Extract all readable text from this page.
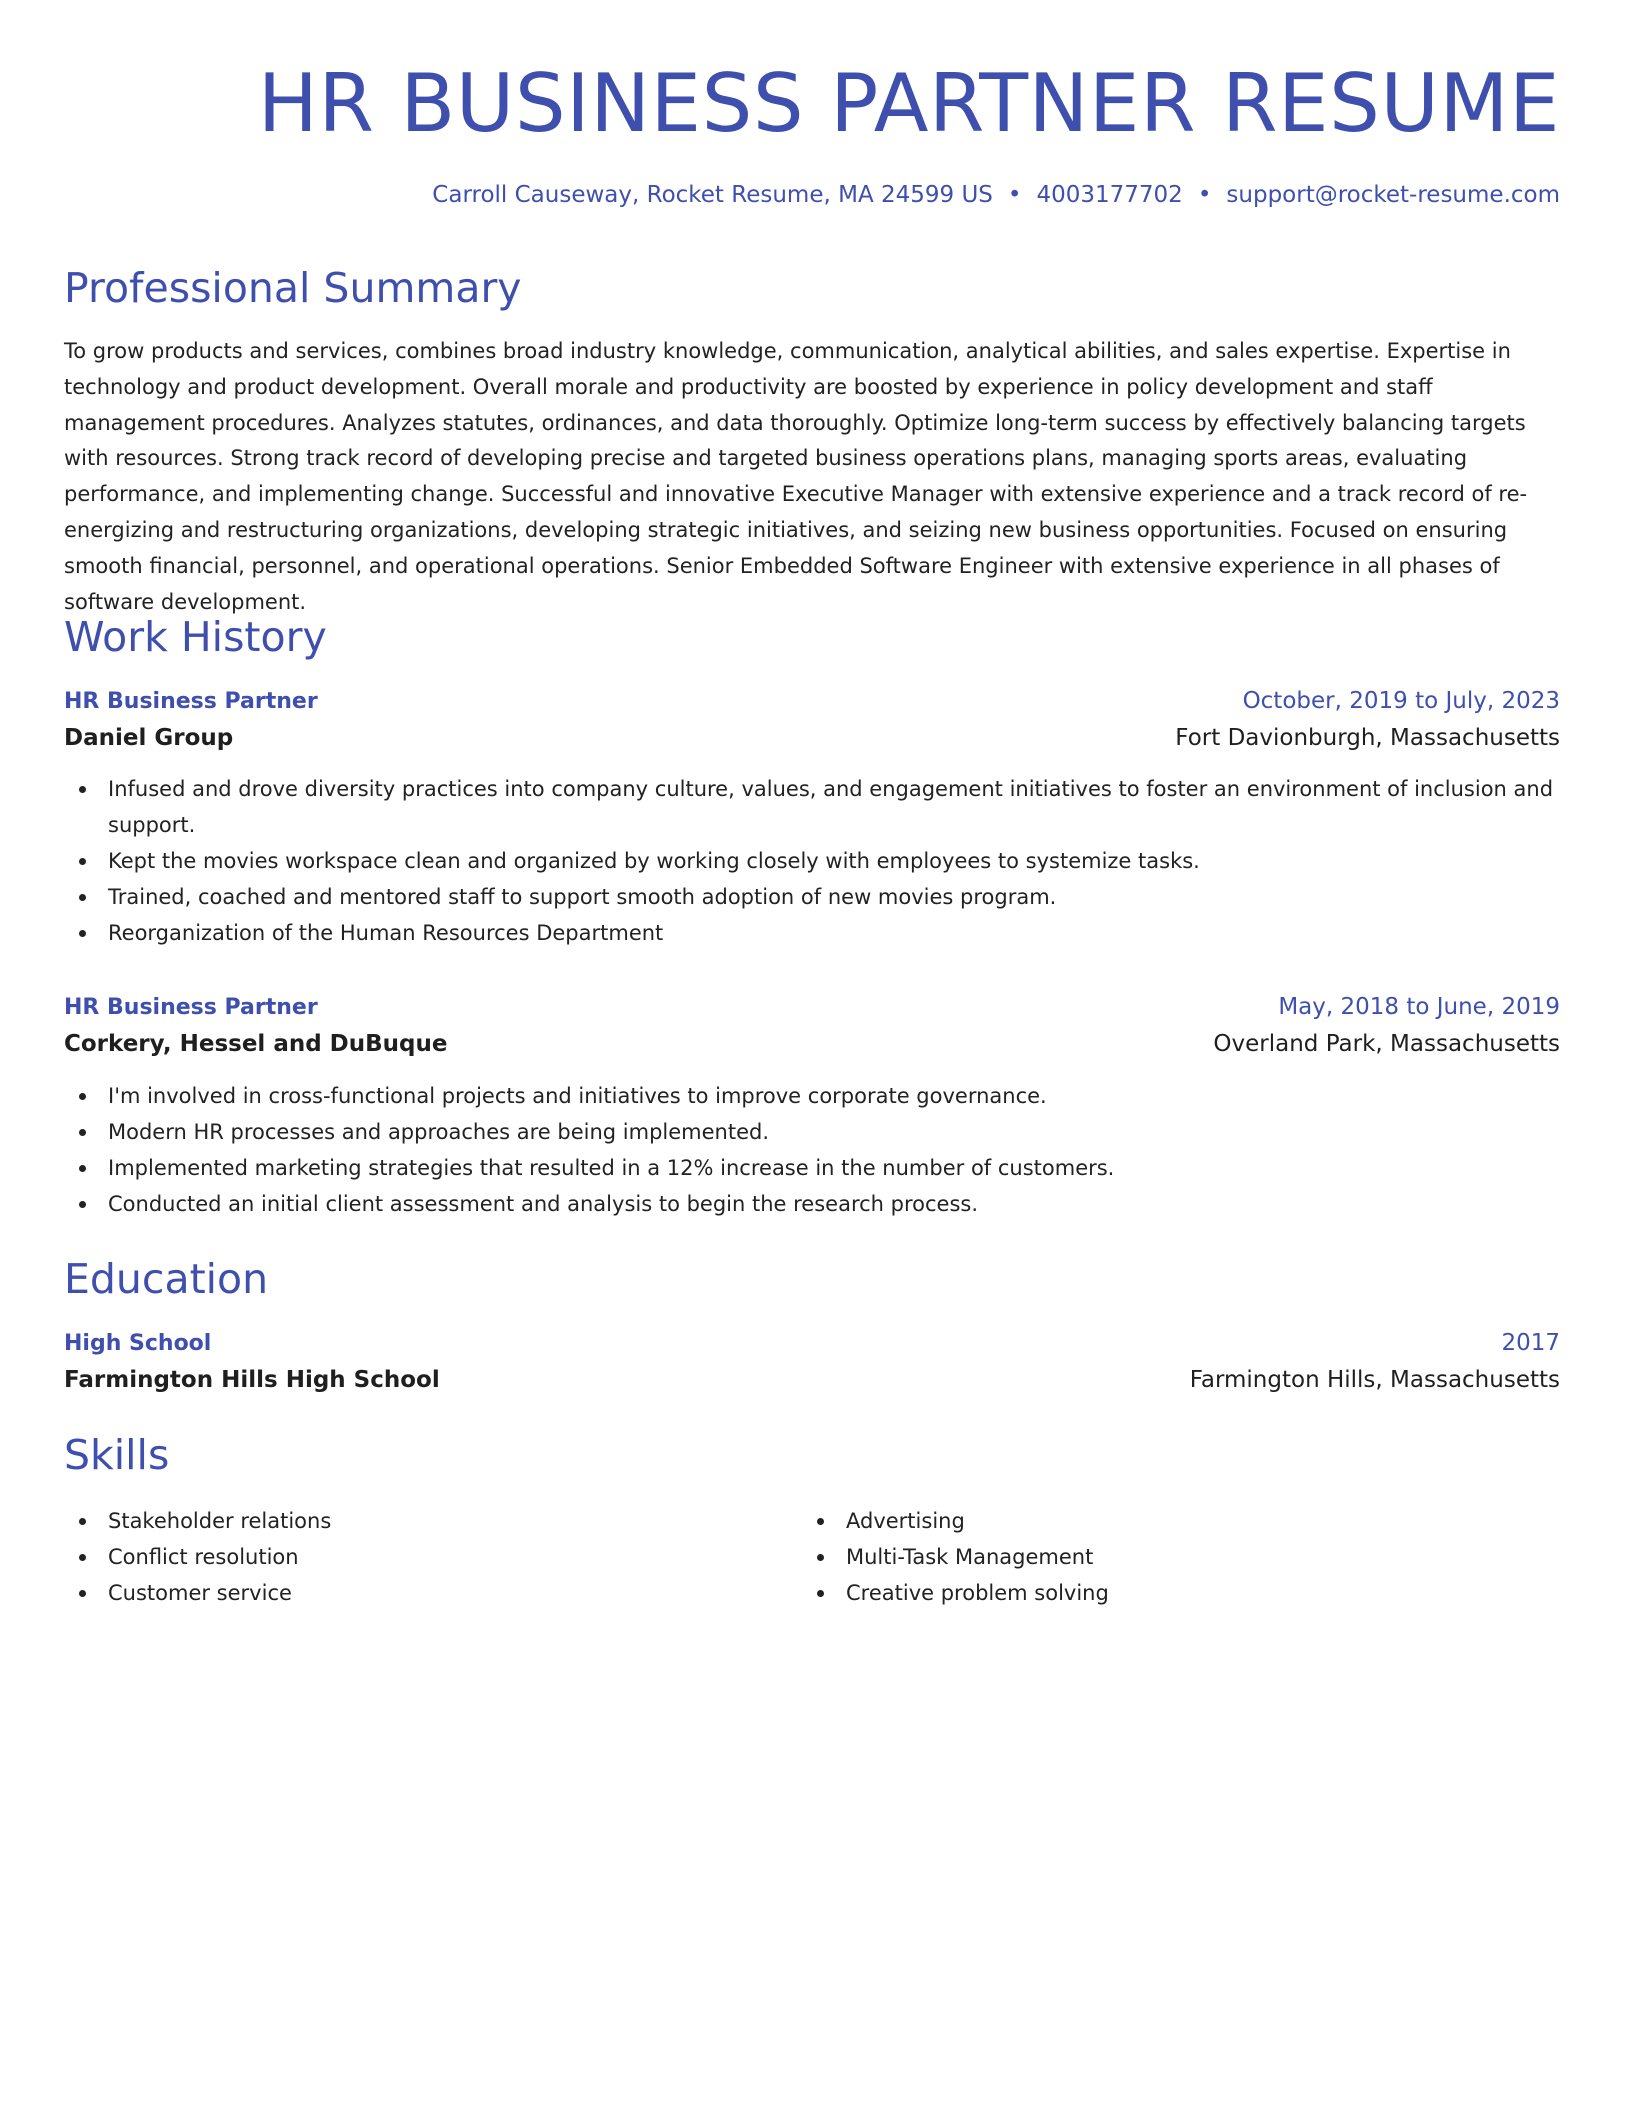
HR BUSINESS PARTNER RESUME
Carroll Causeway, Rocket Resume, MA 24599 US • 4003177702 • support@rocket-resume.com
Professional Summary

To grow products and services, combines broad industry knowledge, communication, analytical abilities, and sales expertise. Expertise in technology and product development. Overall morale and productivity are boosted by experience in policy development and staff management procedures. Analyzes statutes, ordinances, and data thoroughly. Optimize long-term success by effectively balancing targets with resources. Strong track record of developing precise and targeted business operations plans, managing sports areas, evaluating performance, and implementing change. Successful and innovative Executive Manager with extensive experience and a track record of re-energizing and restructuring organizations, developing strategic initiatives, and seizing new business opportunities. Focused on ensuring smooth financial, personnel, and operational operations. Senior Embedded Software Engineer with extensive experience in all phases of software development.

Work History
HR Business Partner	October, 2019 to July, 2023
Daniel Group	Fort Davionburgh, Massachusetts
Infused and drove diversity practices into company culture, values, and engagement initiatives to foster an environment of inclusion and support.
Kept the movies workspace clean and organized by working closely with employees to systemize tasks.
Trained, coached and mentored staff to support smooth adoption of new movies program.
Reorganization of the Human Resources Department
HR Business Partner	May, 2018 to June, 2019
Corkery, Hessel and DuBuque	Overland Park, Massachusetts
I'm involved in cross-functional projects and initiatives to improve corporate governance.
Modern HR processes and approaches are being implemented.
Implemented marketing strategies that resulted in a 12% increase in the number of customers.
Conducted an initial client assessment and analysis to begin the research process.
Education
High School	2017
Farmington Hills High School	Farmington Hills, Massachusetts
Skills
Stakeholder relations
Conflict resolution
Customer service
Advertising
Multi-Task Management
Creative problem solving
